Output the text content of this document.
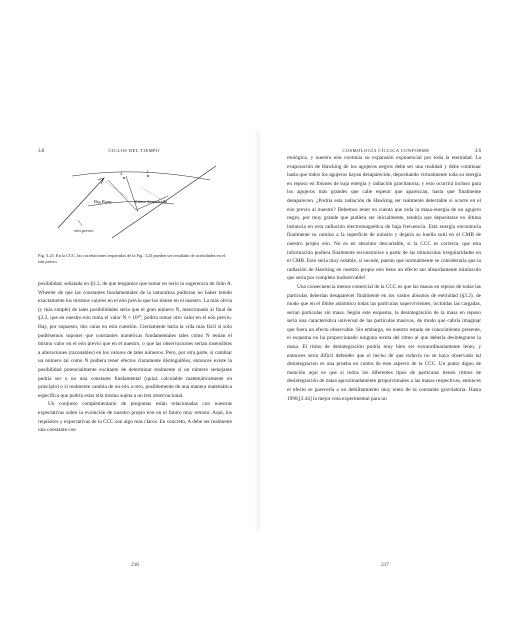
3.6	CICLOS DEL TIEMPO
2	1
Big Bang	último despertado
eón previo

Fig. 3.25. En la CCC, las correlaciones requeridas de la Fig. 3.23 pueden ser resultado de actividades en el eón previo.

posibilidad, señalada en §3.3, de que tengamos que tomar en serio la sugerencia de John A. Wheeler de que las constantes fundamentales de la naturaleza pudieran no haber tenido exactamente los mismos valores en el eón previo que los tienen en el nuestro. La más obvia (y más simple) de tales posibilidades sería que el gran número N, mencionado al final de §3.2, que en nuestro eón toma el valor N ≈ 10²⁰, podría tomar otro valor en el eón previo. Hay, por supuesto, dos caras en esta cuestión. Ciertamente haría la vida más fácil si solo pudiésemos suponer que constantes numéricas fundamentales tales como N tenían el mismo valor en el eón previo que en el nuestro, o que las observaciones serían insensibles a alteraciones (razonables) en los valores de tales números. Pero, por otra parte, si cambiar un número tal como N pudiera tener efectos claramente distinguibles, entonces existe la posibilidad potencialmente excitante de determinar realmente si un número semejante podría ser o no una constante fundamental (quizá calculable matemáticamente en principio) o si realmente cambia de un eón a otro, posiblemente de una manera matemática específica que podría estar ella misma sujeta a un test observacional.

Un conjunto complementario de preguntas están relacionadas con nuestras expectativas sobre la evolución de nuestro propio eón en el futuro muy remoto. Aquí, los requisitos y expectativas de la CCC son algo más claros. En concreto, A debe ser realmente una constante cos-

216
COSMOLOGÍA CÍCLICA CONFORME	3.6

mológica, y nuestro eón continúa su expansión exponencial por toda la eternidad. La evaporación de Hawking de los agujeros negros debe ser una realidad y debe continuar hasta que todos los agujeros hayan desaparecido, depositando virtualmente toda su energía en reposo en fotones de baja energía y radiación gravitatoria; y esto ocurrirá incluso para los agujeros más grandes que cabe esperar que aparezcan, hasta que finalmente desaparecen. ¿Podría esta radiación de Hawking ser realmente detectable si ocurre en el eón previo al nuestro? Debemos tener en cuenta que toda la masa-energía de un agujero negro, por muy grande que pudiera ser inicialmente, tendría que depositarse en última instancia en esta radiación electromagnética de baja frecuencia. Esta energía encontraría finalmente su camino a la superficie de tránsito y dejaría su huella sutil en el CMB de nuestro propio eón. No es en absoluto descartable, si la CCC es correcta, que esta información pudiera finalmente reconstruirse a partir de las minúsculas irregularidades en el CMB. Esto sería muy notable, si sucede, puesto que normalmente se consideraría que la radiación de Hawking en nuestro propio eón tiene un efecto tan absurdamente minúsculo que sería por completo inobservable!

Una consecuencia menos comercial de la CCC es que las masas en reposo de todas las partículas deberían desaparecer finalmente en los vastos abismos de eternidad (§3.2), de modo que en el límite asintótico todas las partículas supervivientes, incluidas las cargadas, serían partículas sin masa. Según este esquema, la desintegración de la masa en reposo sería una característica universal de las partículas masivas, de modo que cabría imaginar que fuera un efecto observable. Sin embargo, en nuestro estado de conocimiento presente, el esquema no ha proporcionado ninguna receta del ritmo al que debería desintegrarse la masa. El ritmo de desintegración podría muy bien ser extraordinariamente lento, y entonces sería difícil defender que el hecho de que todavía no se haya observado tal desintegración es una prueba en contra de este aspecto de la CCC. Un punto digno de mención aquí es que si todos los diferentes tipos de partículas tienen ritmos de desintegración de masa aproximadamente proporcionales a las masas respectivas, entonces el efecto se parecería a un debilitamiento muy lento de la constante gravitatoria. Hasta 1998,[3.44] la mejor cota experimental para un

217
